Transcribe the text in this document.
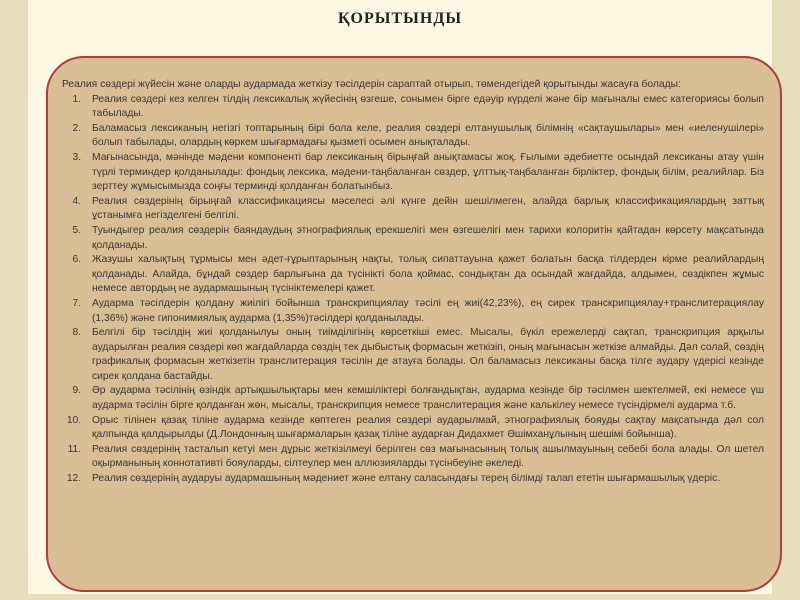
ҚОРЫТЫНДЫ

Реалия сөздері жүйесін және оларды аудармада жеткізу тәсілдерін сараптай отырып, төмендегідей қорытынды жасауға болады:

1. Реалия сөздері кез келген тілдің лексикалық жүйесінің өзгеше, сонымен бірге едәуір күрделі және бір мағыналы емес категориясы болып табылады.
2. Баламасыз лексиканың негізгі топтарының бірі бола келе, реалия сөздері елтанушылық білімнің «сақтаушылары» мен «иеленушілері» болып табылады, олардың көркем шығармадағы қызметі осымен анықталады.
3. Мағынасында, мәнінде мәдени компоненті бар лексиканың бірыңғай анықтамасы жоқ. Ғылыми әдебиетте осындай лексиканы атау үшін түрлі терминдер қолданылады: фондық лексика, мәдени-таңбаланған сөздер, ұлттық-таңбаланған бірліктер, фондық білім, реалийлар. Біз зерттеу жұмысымызда соңғы терминді қолданған болатынбыз.
4. Реалия сөздерінің бірыңғай классификациясы мәселесі әлі күнге дейін шешілмеген, алайда барлық классификациялардың заттық ұстанымға негізделгені белгілі.
5. Туындыгер реалия сөздерін баяндаудың этнографиялық ерекшелігі мен өзгешелігі мен тарихи колоритін қайтадан көрсету мақсатында қолданады.
6. Жазушы халықтың тұрмысы мен әдет-ғұрыптарының нақты, толық сипаттауына қажет болатын басқа тілдерден кірме реалийлардың қолданады. Алайда, бұндай сөздер барлығына да түсінікті бола қоймас, сондықтан да осындай жағдайда, алдымен, сөздікпен жұмыс немесе автордың не аудармашының түсініктемелері қажет.
7. Аударма тәсілдерін қолдану жиілігі бойынша транскрипциялау тәсілі ең жиі(42,23%), ең сирек транскрипциялау+транслитерациялау (1,36%) және гипонимиялық аударма (1,35%)тәсілдері қолданылады.
8. Белгілі бір тәсілдің жиі қолданылуы оның тиімділігінің көрсеткіші емес. Мысалы, бүкіл ережелерді сақтап, транскрипция арқылы аударылған реалия сөздері көп жағдайларда сөздің тек дыбыстық формасын жеткізіп, оның мағынасын жеткізе алмайды. Дәл солай, сөздің графикалық формасын жеткізетін транслитерация тәсілін де атауға болады. Ол баламасыз лексиканы басқа тілге аудару үдерісі кезінде сирек қолдана бастайды.
9. Әр аударма тәсілінің өзіндік артықшылықтары мен кемшіліктері болғандықтан, аударма кезінде бір тәсілмен шектелмей, екі немесе үш аударма тәсілін бірге қолданған жөн, мысалы, транскрипция немесе транслитерация және калькілеу немесе түсіндірмелі аударма т.б.
10. Орыс тілінен қазақ тіліне аударма кезінде көптеген реалия сөздері аударылмай, этнографиялық бояуды сақтау мақсатында дәл сол қалпында қалдырылды (Д.Лондонның шығармаларын қазақ тіліне аударған Дидахмет Әшімханұлының шешімі бойынша).
11. Реалия сөздерінің тасталып кетуі мен дұрыс жеткізілмеуі берілген сөз мағынасының толық ашылмауының себебі бола алады. Ол шетел оқырманының коннотативті бояуларды, сілтеулер мен аллюзияларды түсінбеуіне әкеледі.
12. Реалия сөздерінің аударуы аудармашының мәдениет және елтану саласындағы терең білімді талап ететін шығармашылық үдеріс.
